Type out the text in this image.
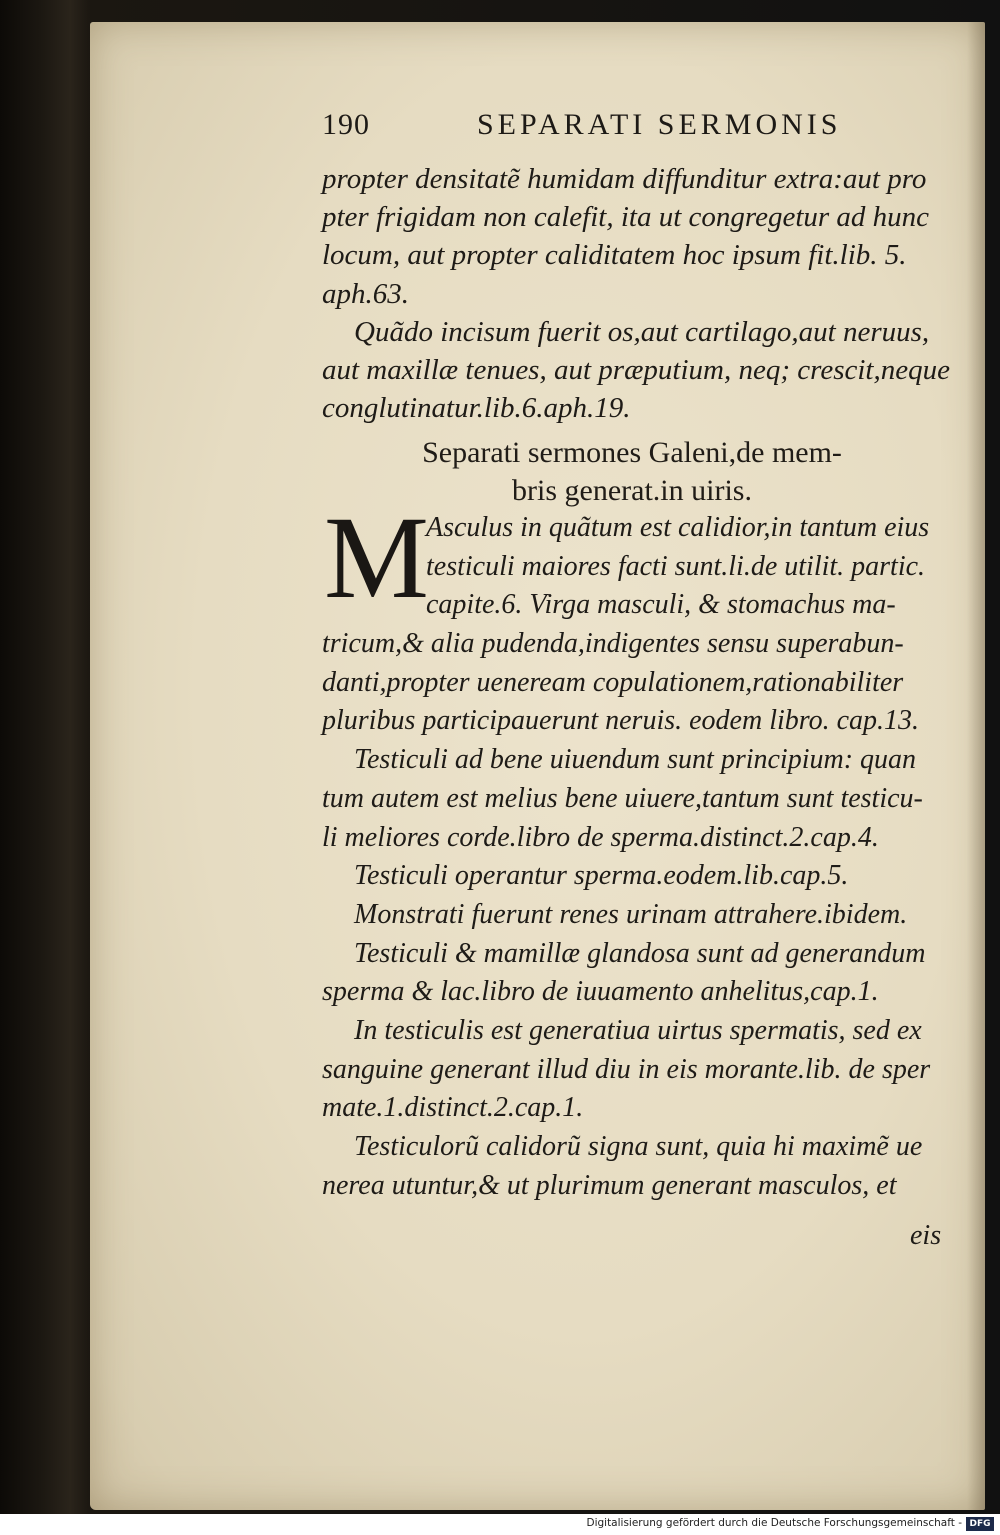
190	SEPARATI SERMONIS
propter densitatẽ humidam diffunditur extra:aut pro
pter frigidam non calefit, ita ut congregetur ad hunc
locum, aut propter caliditatem hoc ipsum fit.lib. 5.
aph.63.
Quãdo incisum fuerit os,aut cartilago,aut neruus,
aut maxillæ tenues, aut præputium, neq; crescit,neque
conglutinatur.lib.6.aph.19.
Separati sermones Galeni,de mem-
bris generat.in uiris.
M
Asculus in quãtum est calidior,in tantum eius
testiculi maiores facti sunt.li.de utilit. partic.
capite.6. Virga masculi, & stomachus ma-
tricum,& alia pudenda,indigentes sensu superabun-
danti,propter ueneream copulationem,rationabiliter
pluribus participauerunt neruis. eodem libro. cap.13.
Testiculi ad bene uiuendum sunt principium: quan
tum autem est melius bene uiuere,tantum sunt testicu-
li meliores corde.libro de sperma.distinct.2.cap.4.
Testiculi operantur sperma.eodem.lib.cap.5.
Monstrati fuerunt renes urinam attrahere.ibidem.
Testiculi & mamillæ glandosa sunt ad generandum
sperma & lac.libro de iuuamento anhelitus,cap.1.
In testiculis est generatiua uirtus spermatis, sed ex
sanguine generant illud diu in eis morante.lib. de sper
mate.1.distinct.2.cap.1.
Testiculorũ calidorũ signa sunt, quia hi maximẽ ue
nerea utuntur,& ut plurimum generant masculos, et
eis
Digitalisierung gefördert durch die Deutsche Forschungsgemeinschaft - DFG
